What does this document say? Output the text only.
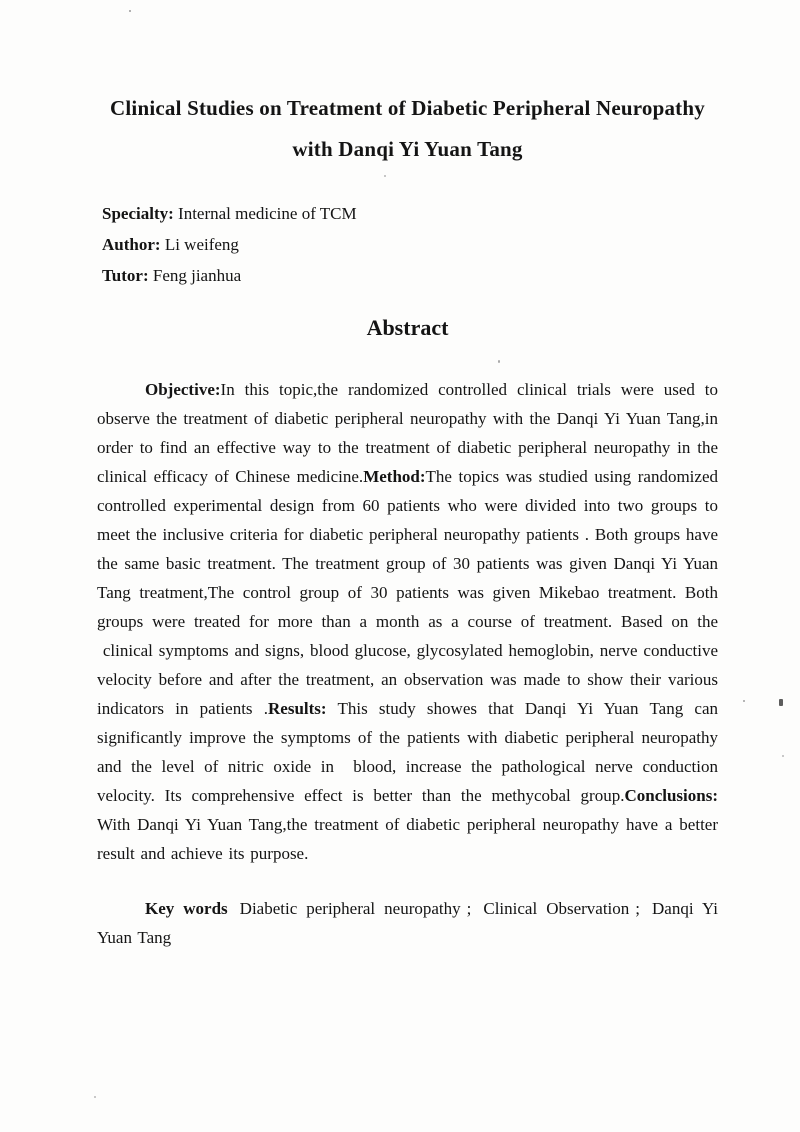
Clinical Studies on Treatment of Diabetic Peripheral Neuropathy
with Danqi Yi Yuan Tang

Specialty: Internal medicine of TCM

Author: Li weifeng

Tutor: Feng jianhua

Abstract

Objective:In this topic,the randomized controlled clinical trials were used to observe the treatment of diabetic peripheral neuropathy with the Danqi Yi Yuan Tang,in order to find an effective way to the treatment of diabetic peripheral neuropathy in the clinical efficacy of Chinese medicine.Method:The topics was studied using randomized controlled experimental design from 60 patients who were divided into two groups to meet the inclusive criteria for diabetic peripheral neuropathy patients . Both groups have the same basic treatment. The treatment group of 30 patients was given Danqi Yi Yuan Tang treatment,The control group of 30 patients was given Mikebao treatment. Both groups were treated for more than a month as a course of treatment. Based on the  clinical symptoms and signs, blood glucose, glycosylated hemoglobin, nerve conductive velocity before and after the treatment, an observation was made to show their various indicators in patients .Results: This study showes that Danqi Yi Yuan Tang can significantly improve the symptoms of the patients with diabetic peripheral neuropathy and the level of nitric oxide in  blood, increase the pathological nerve conduction velocity. Its comprehensive effect is better than the methycobal group.Conclusions: With Danqi Yi Yuan Tang,the treatment of diabetic peripheral neuropathy have a better result and achieve its purpose.

Key words Diabetic peripheral neuropathy ; Clinical Observation ; Danqi Yi Yuan Tang
